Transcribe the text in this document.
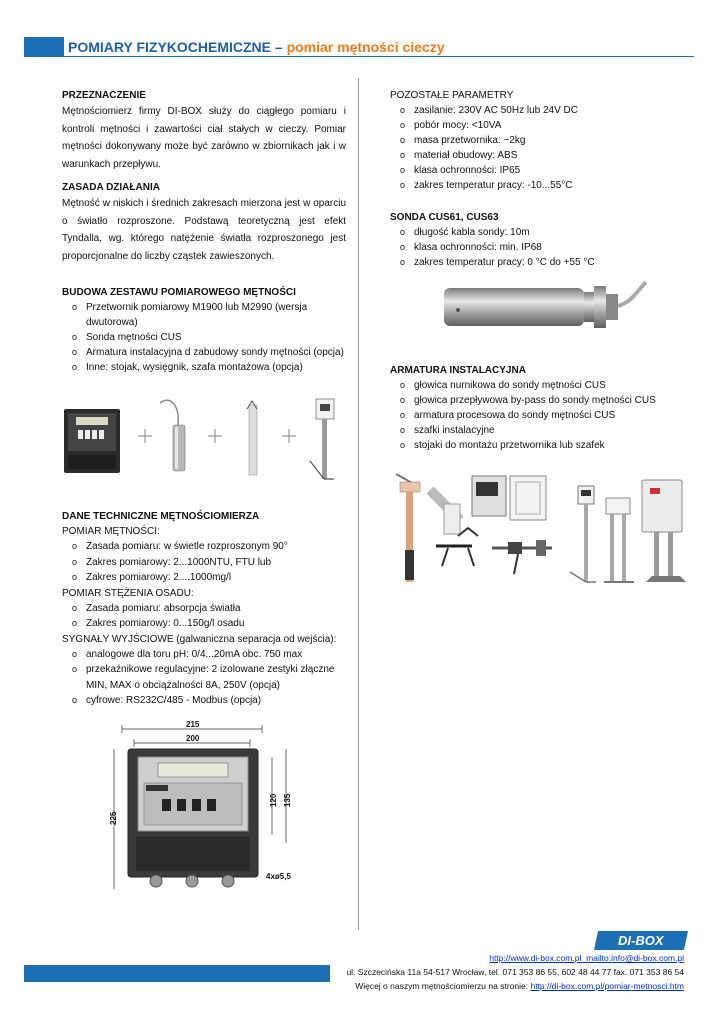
POMIARY FIZYKOCHEMICZNE – pomiar mętności cieczy
PRZEZNACZENIE

Mętnościomierz firmy DI-BOX służy do ciągłego pomiaru i kontroli mętności i zawartości ciał stałych w cieczy. Pomiar mętności dokonywany może być zarówno w zbiornikach jak i w warunkach przepływu.

ZASADA DZIAŁANIA

Mętność w niskich i średnich zakresach mierzona jest w oparciu o światło rozproszone. Podstawą teoretyczną jest efekt Tyndalla, wg. którego natężenie światła rozproszonego jest proporcjonalne do liczby cząstek zawieszonych.

BUDOWA ZESTAWU POMIAROWEGO MĘTNOŚCI
o Przetwornik pomiarowy M1900 lub M2990 (wersja dwutorowa)
o Sonda mętności CUS
o Armatura instalacyjna d zabudowy sondy mętności (opcja)
o Inne: stojak, wysięgnik, szafa montażowa (opcja)
DANE TECHNICZNE MĘTNOŚCIOMIERZA
POMIAR MĘTNOŚCI:
o Zasada pomiaru: w świetle rozproszonym 90°
o Zakres pomiarowy: 2...1000NTU, FTU lub
o Zakres pomiarowy: 2....1000mg/l
POMIAR STĘŻENIA OSADU:
o Zasada pomiaru: absorpcja światła
o Zakres pomiarowy: 0...150g/l osadu
SYGNAŁY WYJŚCIOWE (galwaniczna separacja od wejścia):
o analogowe dla toru pH: 0/4...20mA obc. 750 max
o przekaźnikowe regulacyjne: 2 izolowane zestyki złączne MIN, MAX o obciążalności 8A, 250V (opcja)
o cyfrowe: RS232C/485 - Modbus (opcja)
215
200
225
120 135
4xø5,5
POZOSTAŁE PARAMETRY
o zasilanie: 230V AC 50Hz lub 24V DC
o pobór mocy: <10VA
o masa przetwornika: ~2kg
o materiał obudowy: ABS
o klasa ochronności: IP65
o zakres temperatur pracy: -10...55°C
SONDA CUS61, CUS63
o długość kabla sondy: 10m
o klasa ochronności: min. IP68
o zakres temperatur pracy: 0 °C do +55 °C
ARMATURA INSTALACYJNA
o głowica nurnikowa do sondy mętności CUS
o głowica przepływowa by-pass do sondy mętności CUS
o armatura procesowa do sondy mętności CUS
o szafki instalacyjne
o stojaki do montażu przetwornika lub szafek
DI-BOX
http://www.di-box.com.pl mailto:info@di-box.com.pl
ul. Szczecińska 11a 54-517 Wrocław, tel. 071 353 86 55, 602 48 44 77 fax. 071 353 86 54
Więcej o naszym mętnościomierzu na stronie: http://di-box.com.pl/pomiar-metnosci.htm
